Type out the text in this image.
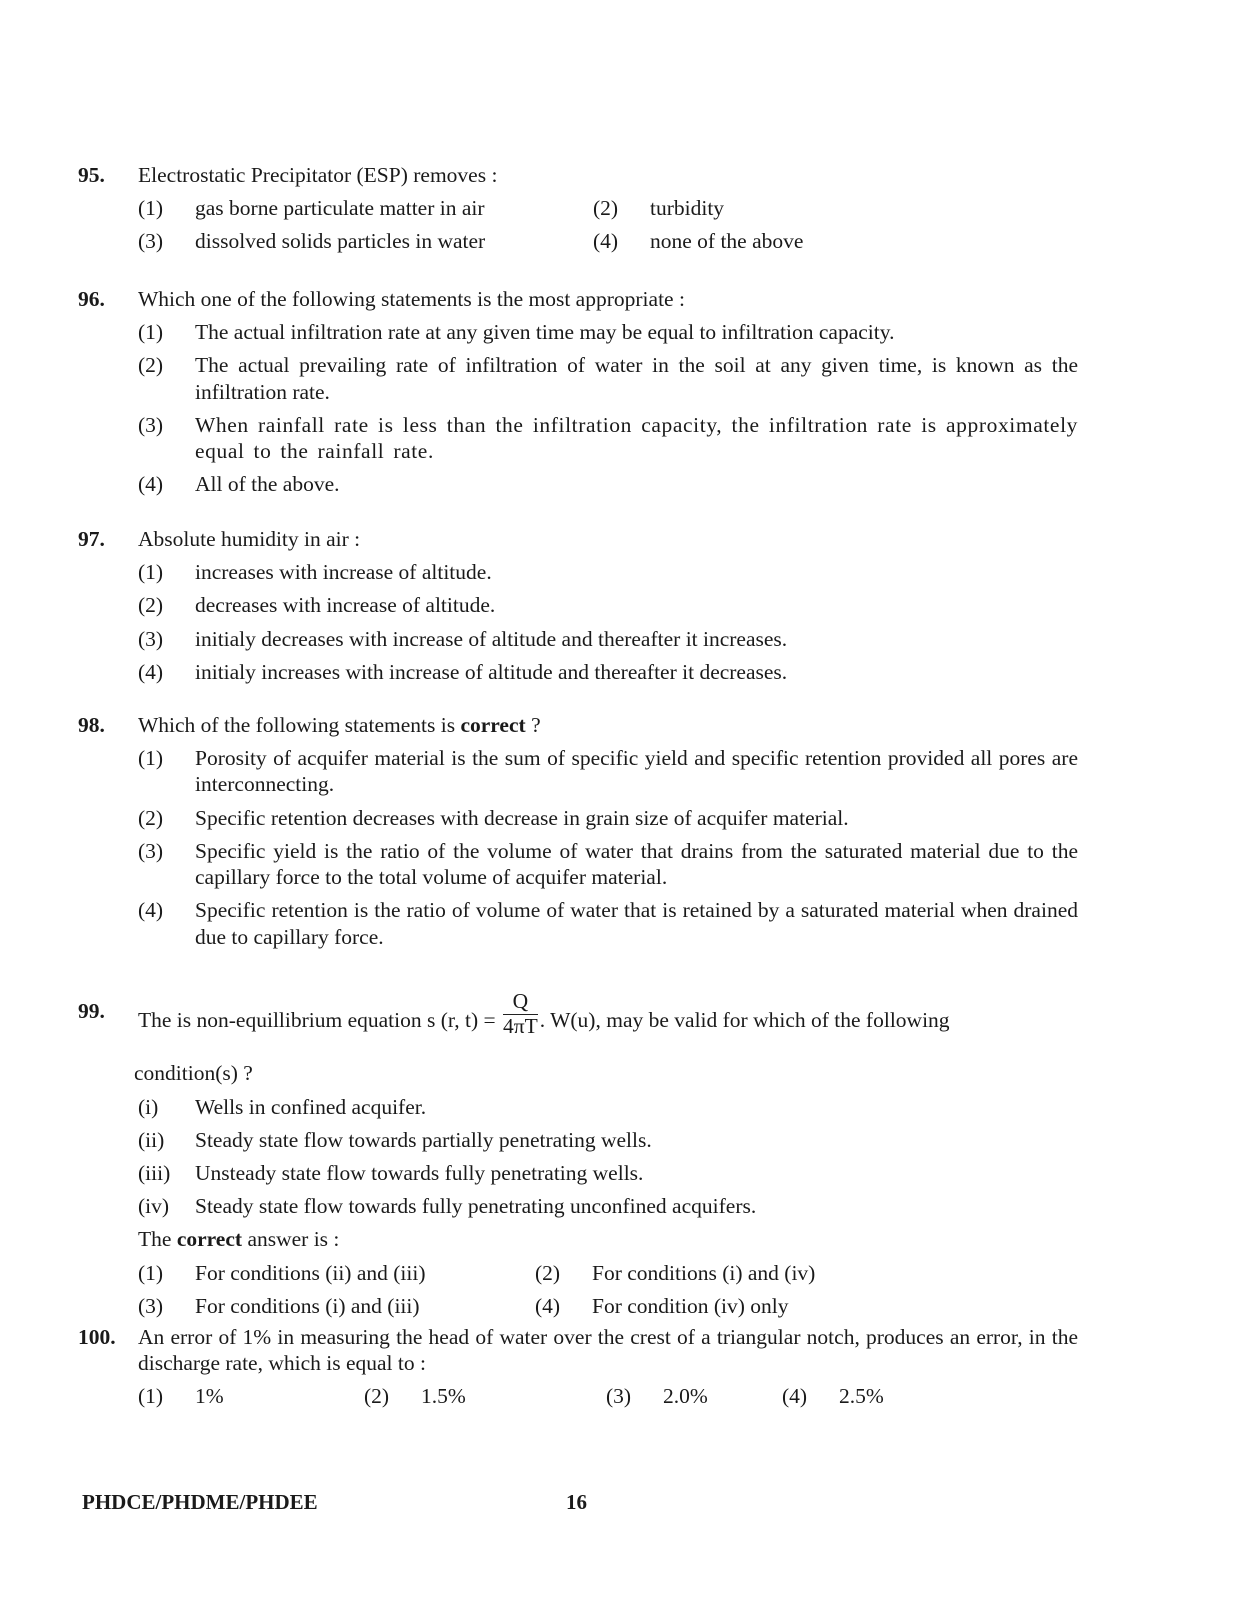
95. Electrostatic Precipitator (ESP) removes :
(1)	gas borne particulate matter in air	(2)	turbidity
(3)	dissolved solids particles in water	(4)	none of the above
96. Which one of the following statements is the most appropriate :
(1)	The actual infiltration rate at any given time may be equal to infiltration capacity.
(2)	The actual prevailing rate of infiltration of water in the soil at any given time, is known as the infiltration rate.
(3)	When rainfall rate is less than the infiltration capacity, the infiltration rate is approximately equal to the rainfall rate.
(4)	All of the above.
97. Absolute humidity in air :
(1)	increases with increase of altitude.
(2)	decreases with increase of altitude.
(3)	initialy decreases with increase of altitude and thereafter it increases.
(4)	initialy increases with increase of altitude and thereafter it decreases.
98. Which of the following statements is correct ?
(1)	Porosity of acquifer material is the sum of specific yield and specific retention provided all pores are interconnecting.
(2)	Specific retention decreases with decrease in grain size of acquifer material.
(3)	Specific yield is the ratio of the volume of water that drains from the saturated material due to the capillary force to the total volume of acquifer material.
(4)	Specific retention is the ratio of volume of water that is retained by a saturated material when drained due to capillary force.
99. The is non-equillibrium equation s (r, $t) = \frac{Q}{4\pi T}$ . W(u), may be valid for which of the following
condition(s) ?
(i)	Wells in confined acquifer.
(ii)	Steady state flow towards partially penetrating wells.
(iii)	Unsteady state flow towards fully penetrating wells.
(iv)	Steady state flow towards fully penetrating unconfined acquifers.
The correct answer is :
(1)	For conditions (ii) and (iii)	(2)	For conditions (i) and (iv)
(3)	For conditions (i) and (iii)	(4)	For condition (iv) only
100. An error of 1% in measuring the head of water over the crest of a triangular notch, produces an error, in the discharge rate, which is equal to :
(1)	1%	(2)	1.5%	(3)	2.0%	(4)	2.5%
PHDCE/PHDME/PHDEE	16
